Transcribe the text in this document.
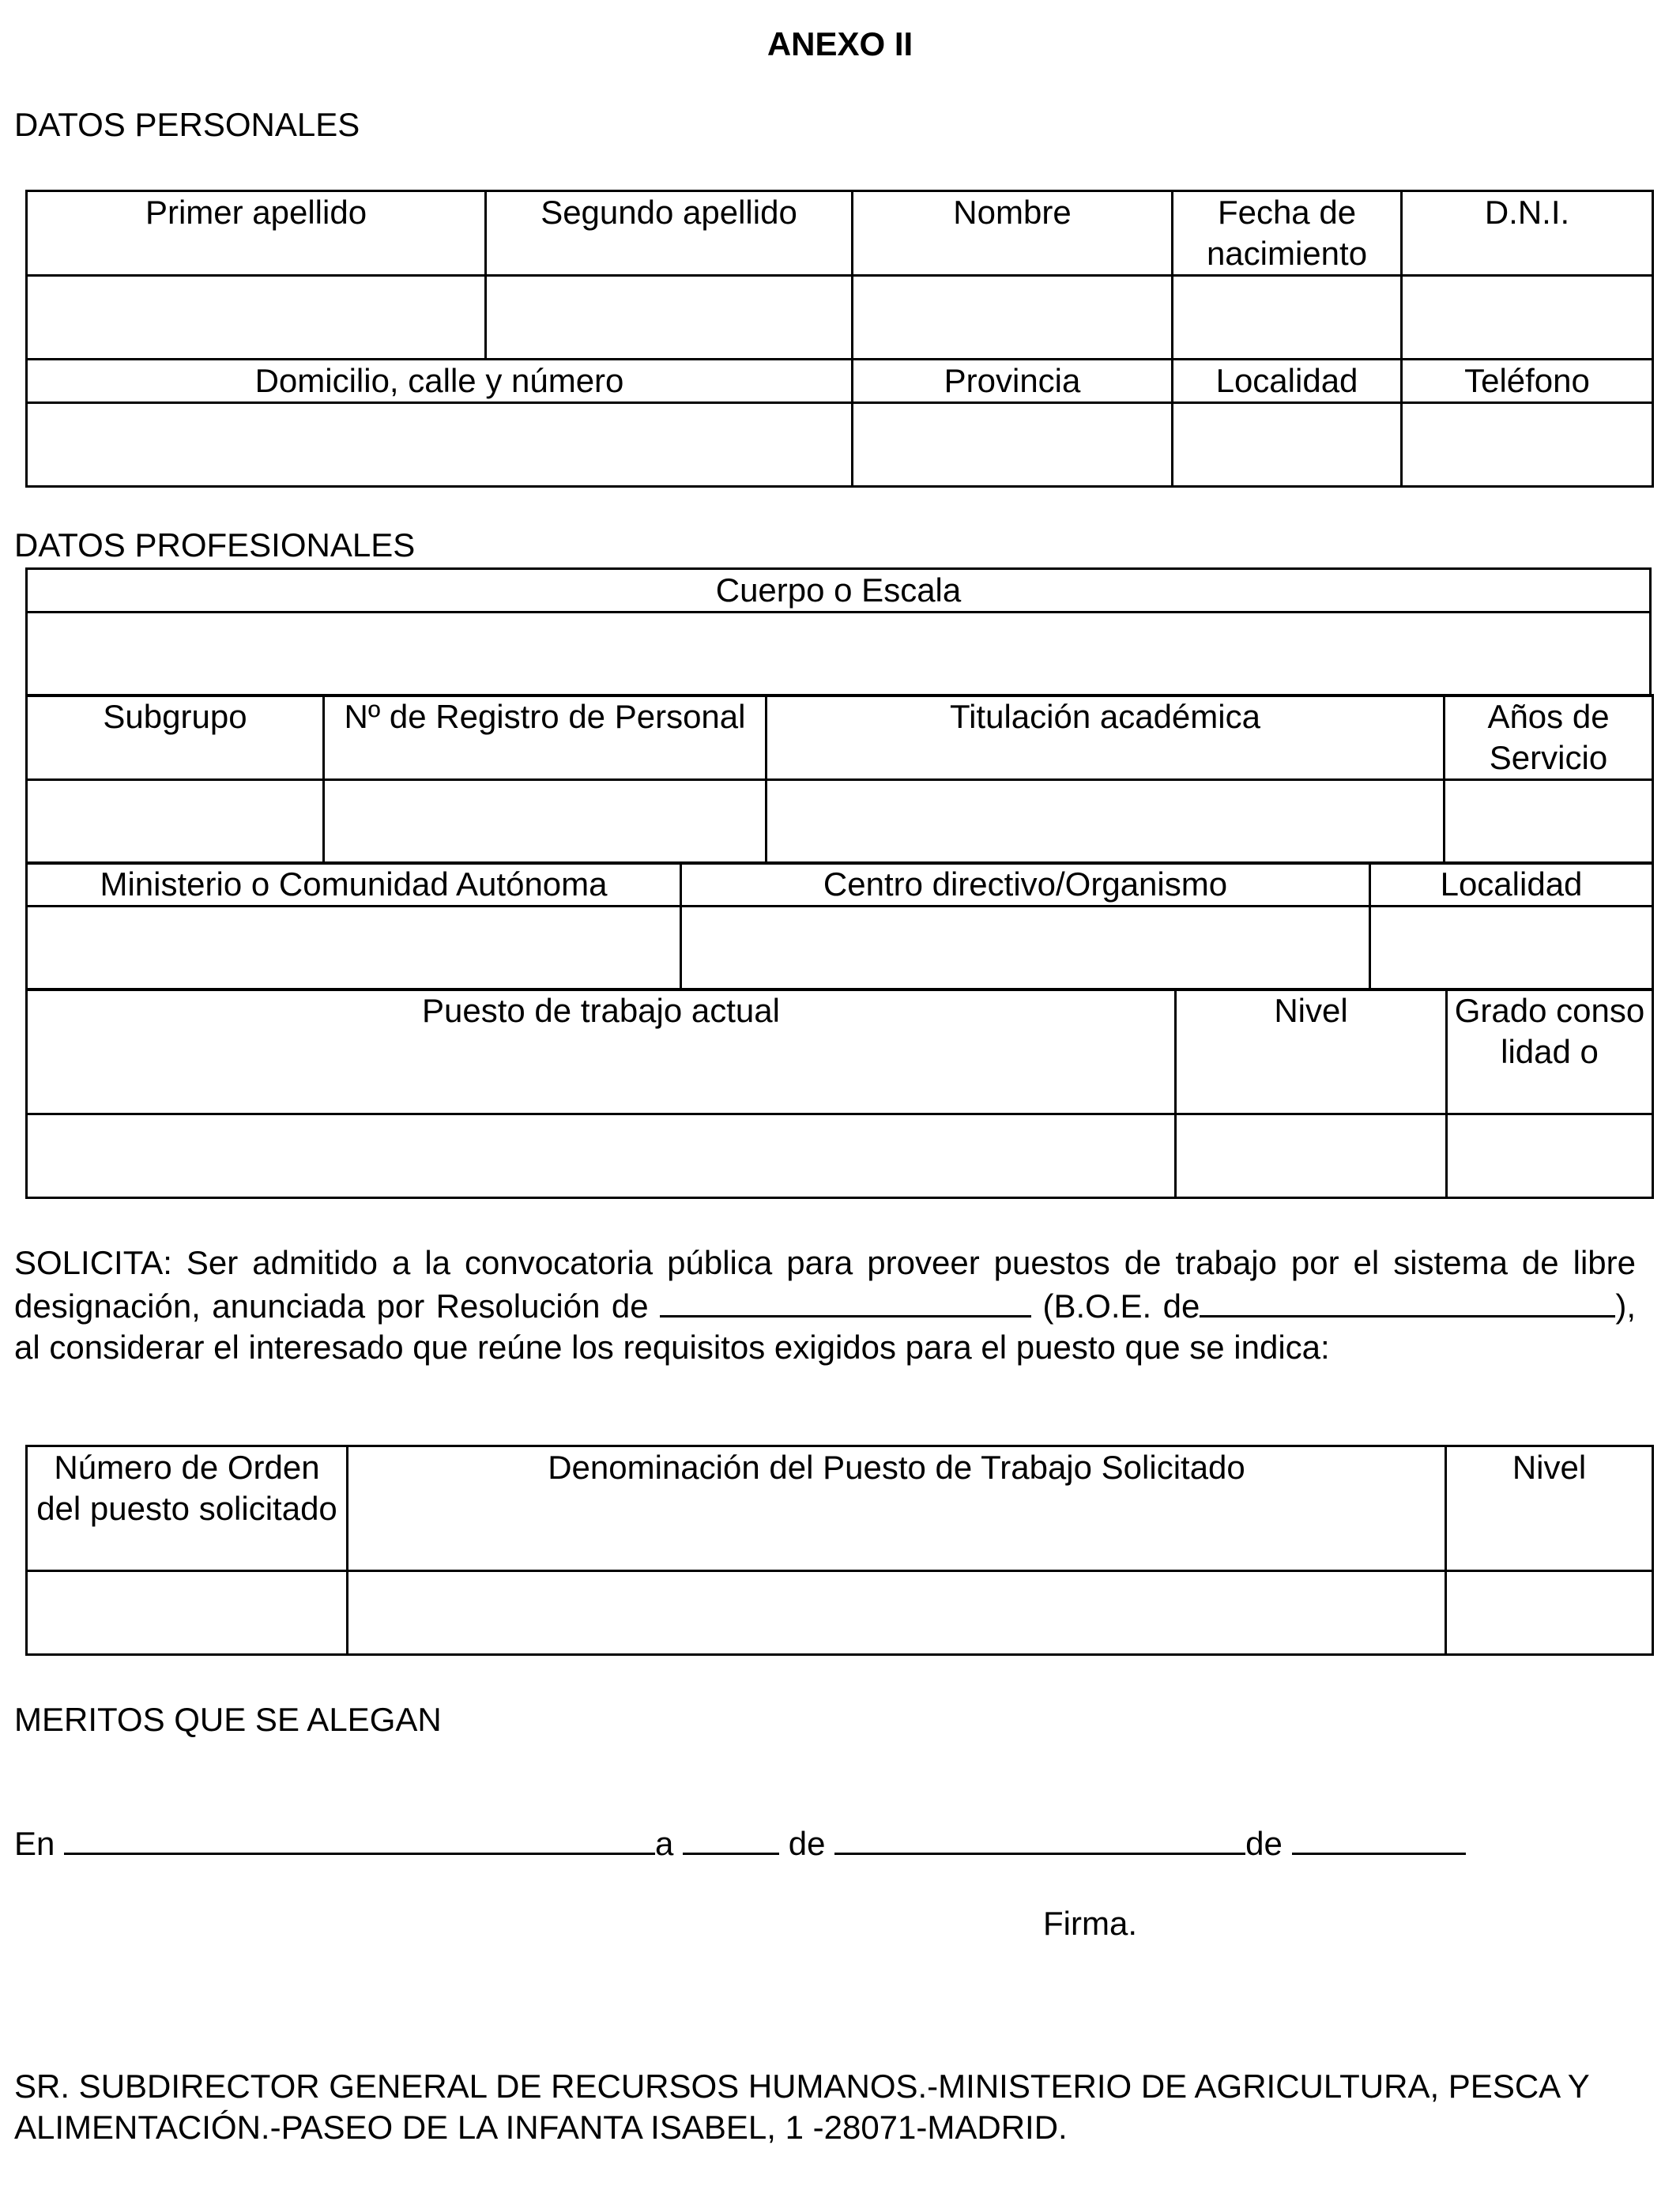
ANEXO II
DATOS PERSONALES
Primer apellido	Segundo apellido	Nombre	Fecha de nacimiento	D.N.I.

Domicilio, calle y número		Provincia	Localidad	Teléfono

DATOS PROFESIONALES
Cuerpo o Escala

Subgrupo	Nº de Registro de Personal	Titulación académica	Años de Servicio

Ministerio o Comunidad Autónoma	Centro directivo/Organismo	Localidad

Puesto de trabajo actual	Nivel	Grado consolidad o

SOLICITA: Ser admitido a la convocatoria pública para proveer puestos de trabajo por el sistema de libre designación, anunciada por Resolución de	(B.O.E. de	), al considerar el interesado que reúne los requisitos exigidos para el puesto que se indica:
Número de Orden del puesto solicitado	Denominación del Puesto de Trabajo Solicitado	Nivel

MERITOS QUE SE ALEGAN
En	a	de	de
Firma.
SR. SUBDIRECTOR GENERAL DE RECURSOS HUMANOS.-MINISTERIO DE AGRICULTURA, PESCA Y ALIMENTACIÓN.-PASEO DE LA INFANTA ISABEL, 1 -28071-MADRID.
